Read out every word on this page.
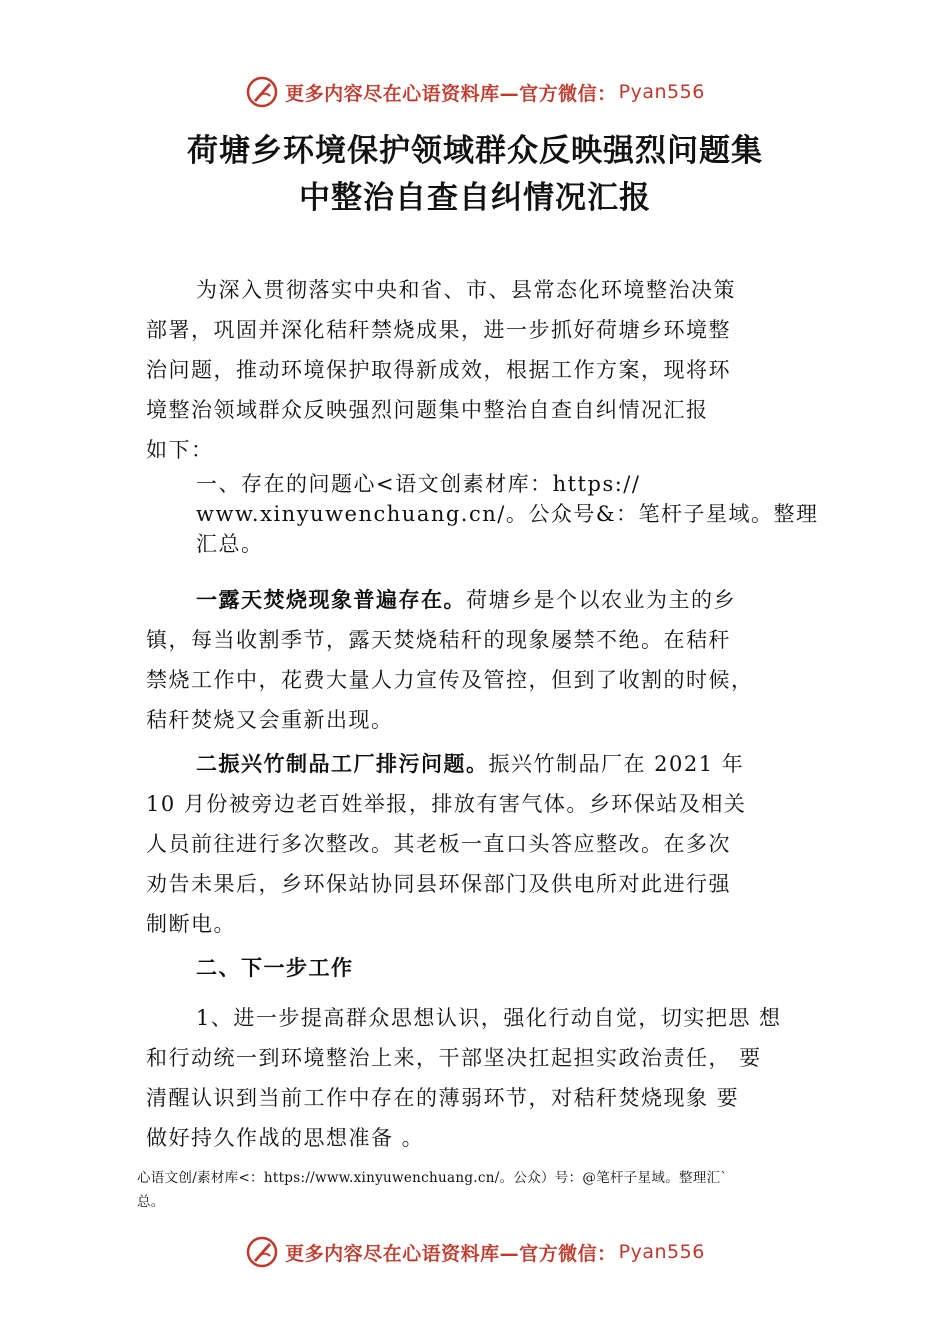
更多内容尽在心语资料库—官方微信： Pyan556
荷塘乡环境保护领域群众反映强烈问题集
中整治自查自纠情况汇报
为深入贯彻落实中央和省、市、县常态化环境整治决策
部署，巩固并深化秸秆禁烧成果，进一步抓好荷塘乡环境整
治问题，推动环境保护取得新成效，根据工作方案，现将环
境整治领域群众反映强烈问题集中整治自查自纠情况汇报
如下：
一、存在的问题心<语文创素材库：https://
www.xinyuwenchuang.cn/。公众号&：笔杆子星域。整理
汇总。
一露天焚烧现象普遍存在。荷塘乡是个以农业为主的乡
镇，每当收割季节，露天焚烧秸秆的现象屡禁不绝。在秸秆
禁烧工作中，花费大量人力宣传及管控，但到了收割的时候，
秸秆焚烧又会重新出现。
二振兴竹制品工厂排污问题。振兴竹制品厂在 2021 年
10 月份被旁边老百姓举报，排放有害气体。乡环保站及相关
人员前往进行多次整改。其老板一直口头答应整改。在多次
劝告未果后，乡环保站协同县环保部门及供电所对此进行强
制断电。
二、下一步工作
1、进一步提高群众思想认识，强化行动自觉，切实把思 想
和行动统一到环境整治上来，干部坚决扛起担实政治责任， 要
清醒认识到当前工作中存在的薄弱环节，对秸秆焚烧现象 要
做好持久作战的思想准备 。
心语文创/素材库<：https://www.xinyuwenchuang.cn/。公众）号：@笔杆子星域。整理汇`
总。
更多内容尽在心语资料库—官方微信： Pyan556
